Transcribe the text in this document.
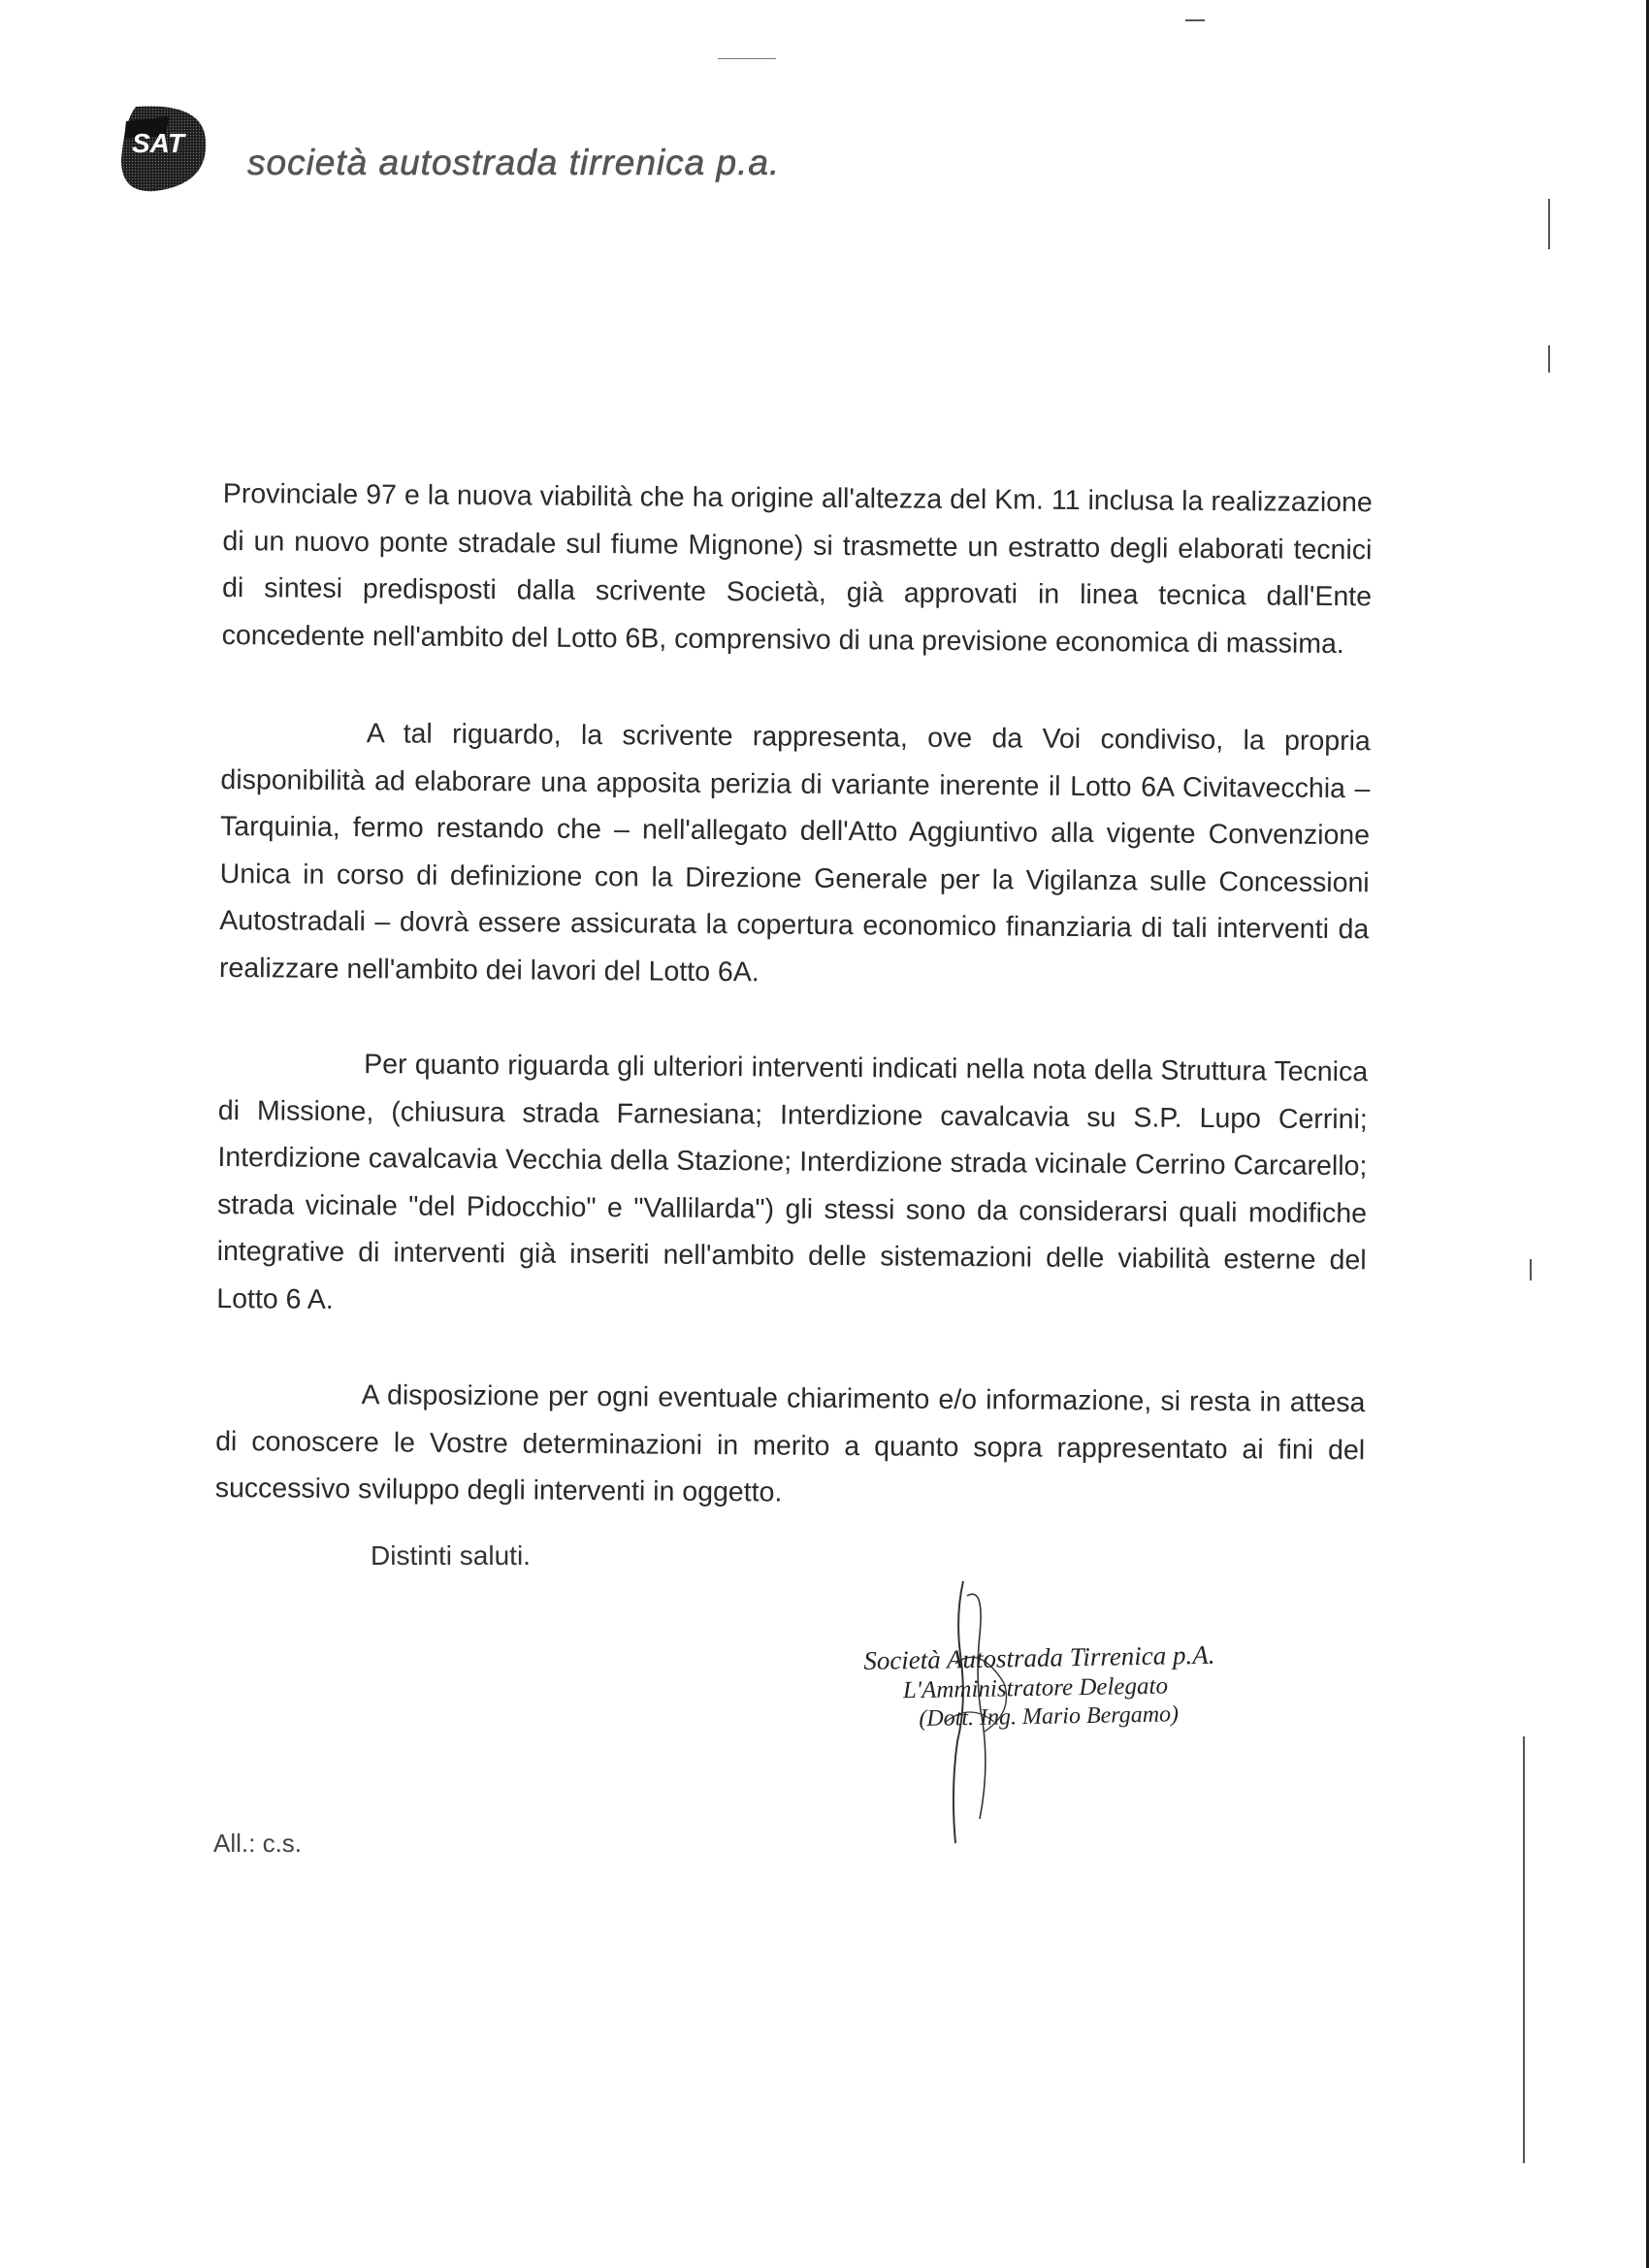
SAT società autostrada tirrenica p.a.

Provinciale 97 e la nuova viabilità che ha origine all'altezza del Km. 11 inclusa la realizzazione di un nuovo ponte stradale sul fiume Mignone) si trasmette un estratto degli elaborati tecnici di sintesi predisposti dalla scrivente Società, già approvati in linea tecnica dall'Ente concedente nell'ambito del Lotto 6B, comprensivo di una previsione economica di massima.

A tal riguardo, la scrivente rappresenta, ove da Voi condiviso, la propria disponibilità ad elaborare una apposita perizia di variante inerente il Lotto 6A Civitavecchia – Tarquinia, fermo restando che – nell'allegato dell'Atto Aggiuntivo alla vigente Convenzione Unica in corso di definizione con la Direzione Generale per la Vigilanza sulle Concessioni Autostradali – dovrà essere assicurata la copertura economico finanziaria di tali interventi da realizzare nell'ambito dei lavori del Lotto 6A.

Per quanto riguarda gli ulteriori interventi indicati nella nota della Struttura Tecnica di Missione, (chiusura strada Farnesiana; Interdizione cavalcavia su S.P. Lupo Cerrini; Interdizione cavalcavia Vecchia della Stazione; Interdizione strada vicinale Cerrino Carcarello; strada vicinale "del Pidocchio" e "Vallilarda") gli stessi sono da considerarsi quali modifiche integrative di interventi già inseriti nell'ambito delle sistemazioni delle viabilità esterne del Lotto 6 A.

A disposizione per ogni eventuale chiarimento e/o informazione, si resta in attesa di conoscere le Vostre determinazioni in merito a quanto sopra rappresentato ai fini del successivo sviluppo degli interventi in oggetto.

Distinti saluti.
Società Autostrada Tirrenica p.A.
L'Amministratore Delegato
(Dott. Ing. Mario Bergamo)
All.: c.s.
